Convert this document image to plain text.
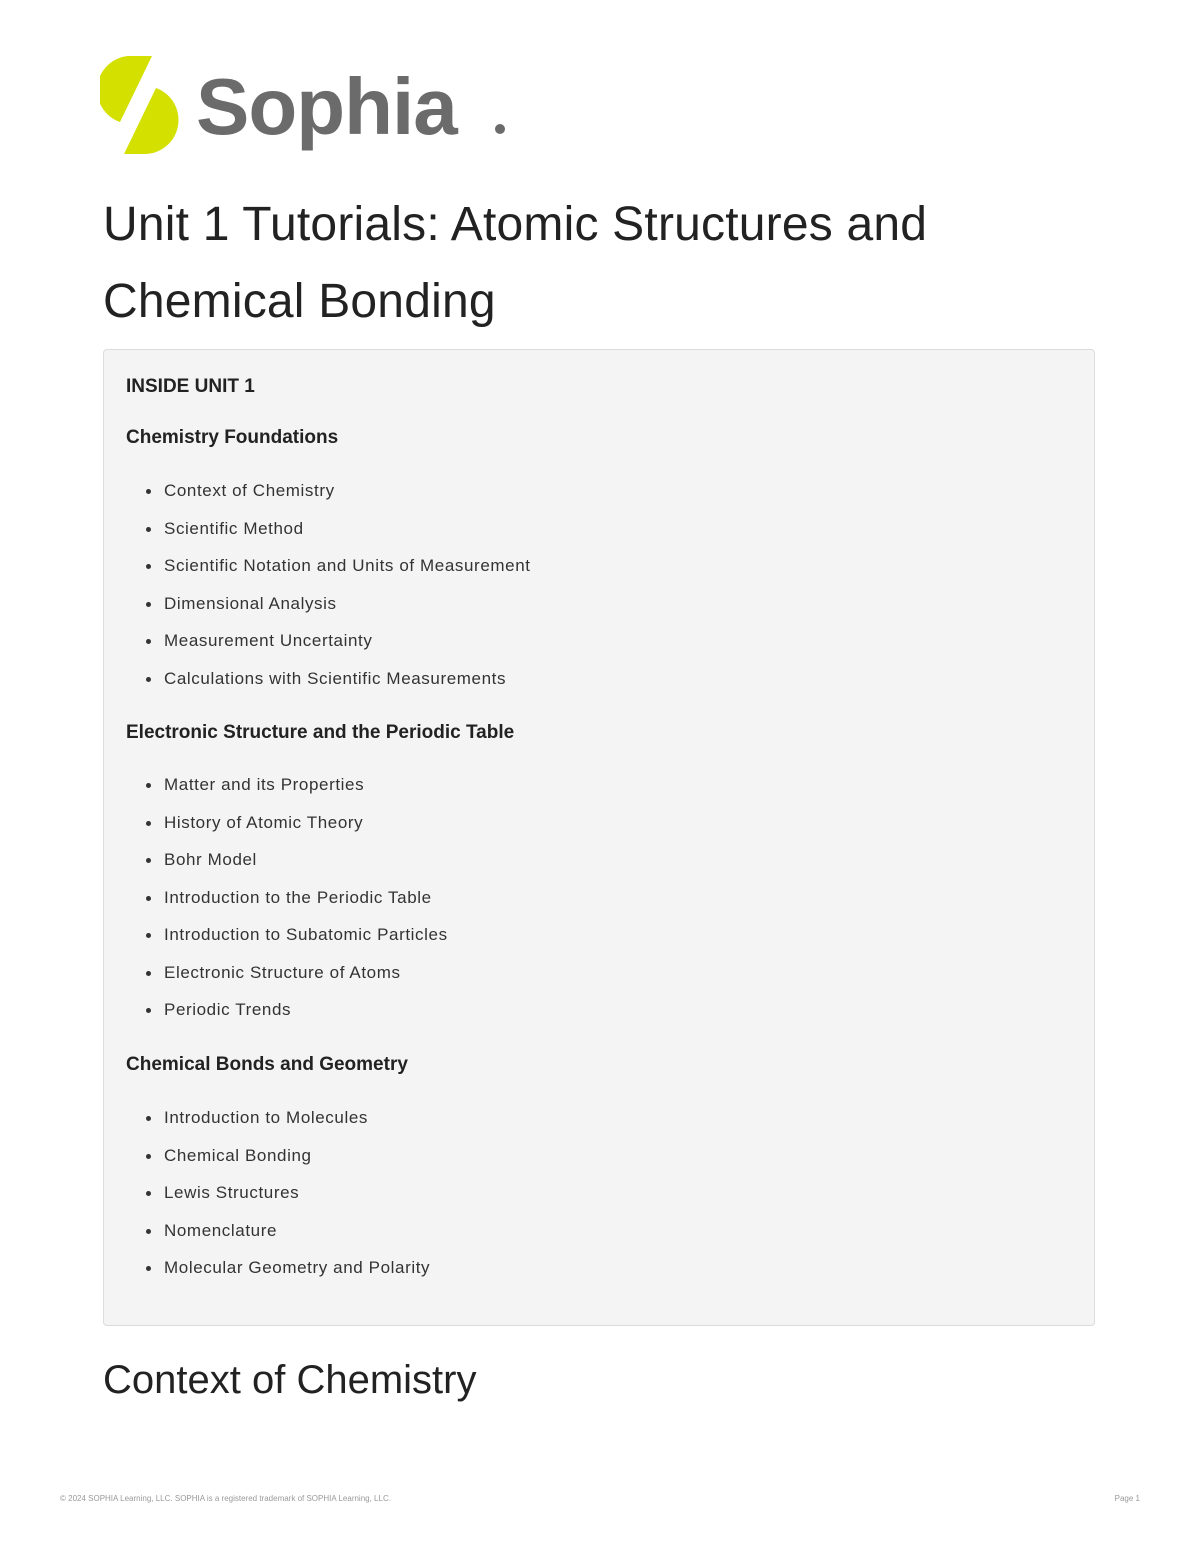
Sophia
Unit 1 Tutorials: Atomic Structures and Chemical Bonding

INSIDE UNIT 1

Chemistry Foundations

Context of Chemistry
Scientific Method
Scientific Notation and Units of Measurement
Dimensional Analysis
Measurement Uncertainty
Calculations with Scientific Measurements

Electronic Structure and the Periodic Table

Matter and its Properties
History of Atomic Theory
Bohr Model
Introduction to the Periodic Table
Introduction to Subatomic Particles
Electronic Structure of Atoms
Periodic Trends

Chemical Bonds and Geometry

Introduction to Molecules
Chemical Bonding
Lewis Structures
Nomenclature
Molecular Geometry and Polarity
Context of Chemistry

© 2024 SOPHIA Learning, LLC. SOPHIA is a registered trademark of SOPHIA Learning, LLC.	Page 1
